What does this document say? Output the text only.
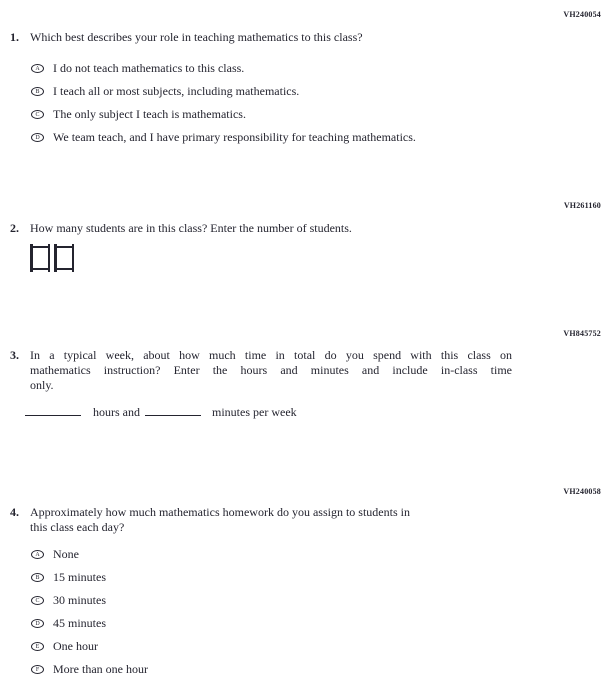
VH240054
VH261160
VH845752
VH240058
1. Which best describes your role in teaching mathematics to this class?
A	I do not teach mathematics to this class.
B	I teach all or most subjects, including mathematics.
C	The only subject I teach is mathematics.
D	We team teach, and I have primary responsibility for teaching mathematics.
2. How many students are in this class? Enter the number of students.
3. In a typical week, about how much time in total do you spend with this class on
mathematics instruction? Enter the hours and minutes and include in-class time
only.
hours and	minutes per week
4. Approximately how much mathematics homework do you assign to students in
this class each day?
A	None
B	15 minutes
C	30 minutes
D	45 minutes
E	One hour
F	More than one hour
